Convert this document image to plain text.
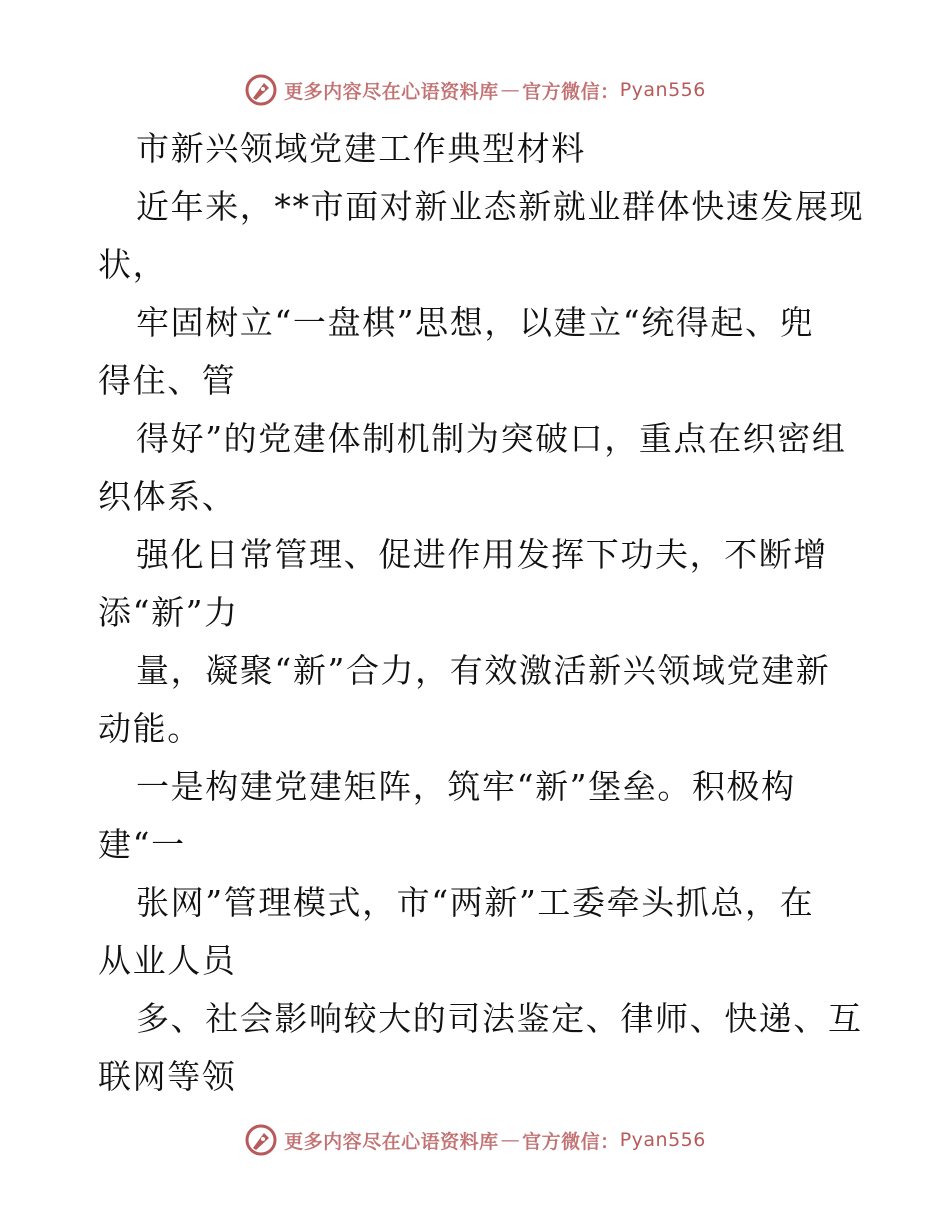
更多内容尽在心语资料库 — 官方微信： Pyan556
市新兴领域党建工作典型材料
近年来，**市面对新业态新就业群体快速发展现
状，
牢固树立“一盘棋”思想，以建立“统得起、兜
得住、管
得好”的党建体制机制为突破口，重点在织密组
织体系、
强化日常管理、促进作用发挥下功夫，不断增
添“新”力
量，凝聚“新”合力，有效激活新兴领域党建新
动能。
一是构建党建矩阵，筑牢“新”堡垒。积极构
建“一
张网”管理模式，市“两新”工委牵头抓总，在
从业人员
多、社会影响较大的司法鉴定、律师、快递、互
联网等领
更多内容尽在心语资料库 — 官方微信： Pyan556
